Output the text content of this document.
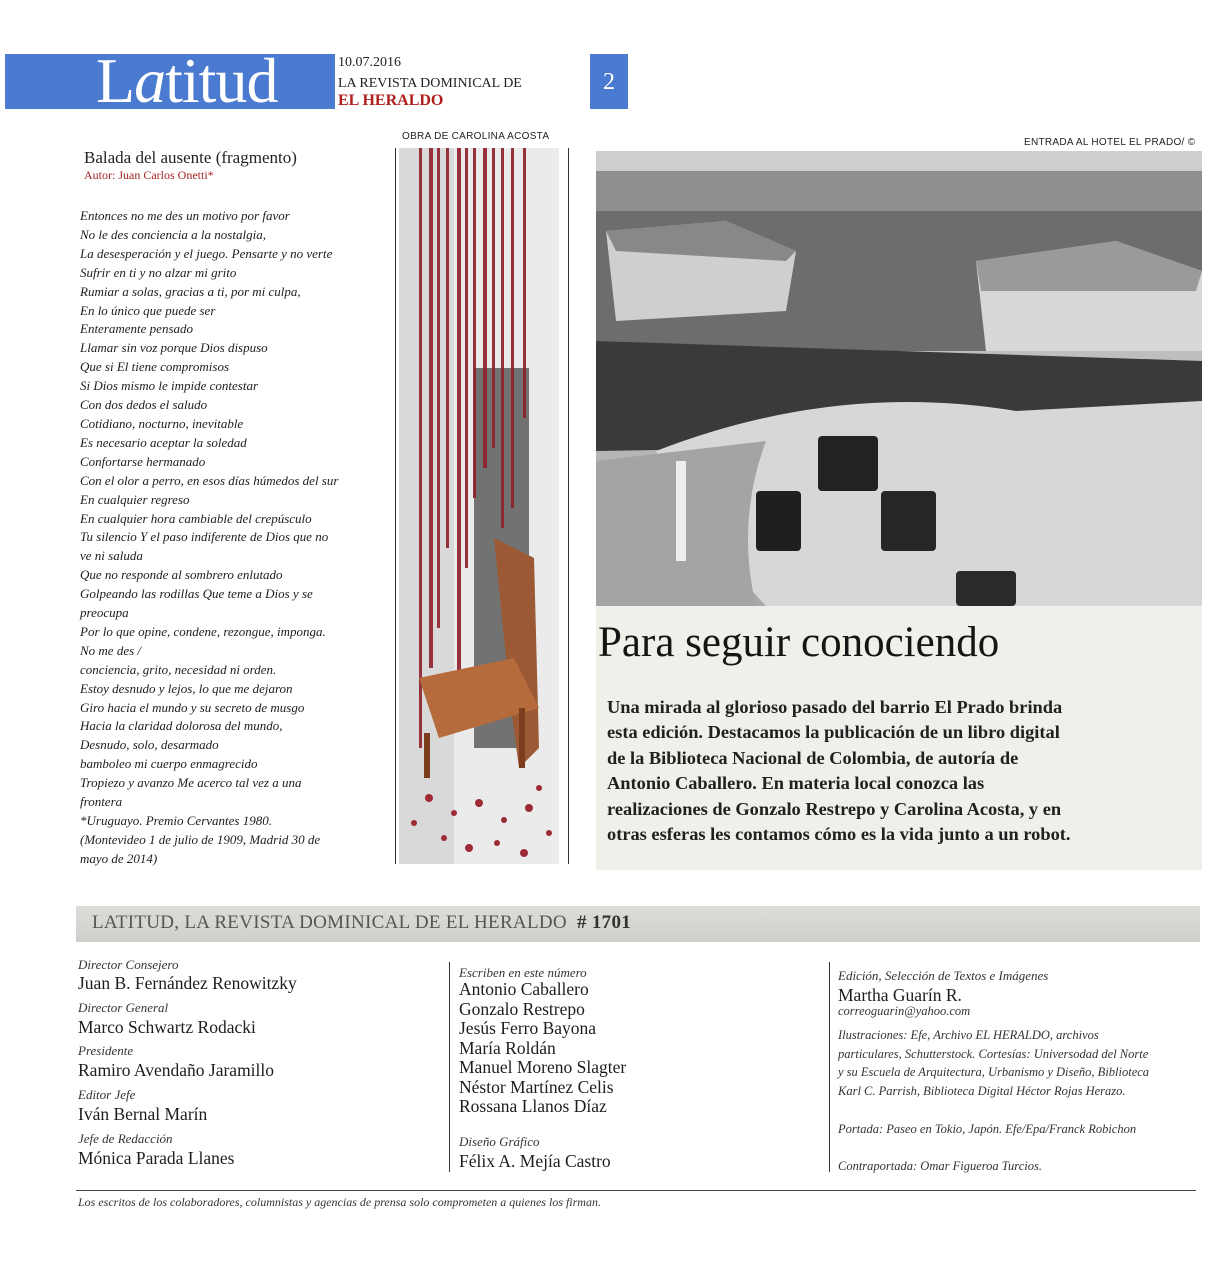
Latitud	10.07.2016
LA REVISTA DOMINICAL DE
EL HERALDO
2
OBRA DE CAROLINA ACOSTA
ENTRADA AL HOTEL EL PRADO/ ©
Balada del ausente (fragmento)
Autor: Juan Carlos Onetti*
Entonces no me des un motivo por favor
No le des conciencia a la nostalgia,
La desesperación y el juego. Pensarte y no verte
Sufrir en ti y no alzar mi grito
Rumiar a solas, gracias a ti, por mi culpa,
En lo único que puede ser
Enteramente pensado
Llamar sin voz porque Dios dispuso
Que si El tiene compromisos
Si Dios mismo le impide contestar
Con dos dedos el saludo
Cotidiano, nocturno, inevitable
Es necesario aceptar la soledad
Confortarse hermanado
Con el olor a perro, en esos días húmedos del sur
En cualquier regreso
En cualquier hora cambiable del crepúsculo
Tu silencio Y el paso indiferente de Dios que no
ve ni saluda
Que no responde al sombrero enlutado
Golpeando las rodillas Que teme a Dios y se
preocupa
Por lo que opine, condene, rezongue, imponga.
No me des /
conciencia, grito, necesidad ni orden.
Estoy desnudo y lejos, lo que me dejaron
Giro hacia el mundo y su secreto de musgo
Hacia la claridad dolorosa del mundo,
Desnudo, solo, desarmado
bamboleo mi cuerpo enmagrecido
Tropiezo y avanzo Me acerco tal vez a una
frontera
*Uruguayo. Premio Cervantes 1980.
(Montevideo 1 de julio de 1909, Madrid 30 de
mayo de 2014)
Para seguir conociendo
Una mirada al glorioso pasado del barrio El Prado brinda
esta edición. Destacamos la publicación de un libro digital
de la Biblioteca Nacional de Colombia, de autoría de
Antonio Caballero. En materia local conozca las
realizaciones de Gonzalo Restrepo y Carolina Acosta, y en
otras esferas les contamos cómo es la vida junto a un robot.
LATITUD, LA REVISTA DOMINICAL DE EL HERALDO # 1701
Director Consejero
Juan B. Fernández Renowitzky
Director General
Marco Schwartz Rodacki
Presidente
Ramiro Avendaño Jaramillo
Editor Jefe
Iván Bernal Marín
Jefe de Redacción
Mónica Parada Llanes
Escriben en este número
Antonio Caballero
Gonzalo Restrepo
Jesús Ferro Bayona
María Roldán
Manuel Moreno Slagter
Néstor Martínez Celis
Rossana Llanos Díaz
Diseño Gráfico
Félix A. Mejía Castro
Edición, Selección de Textos e Imágenes
Martha Guarín R.
correoguarin@yahoo.com
Ilustraciones: Efe, Archivo EL HERALDO, archivos
particulares, Schutterstock. Cortesías: Universodad del Norte
y su Escuela de Arquitectura, Urbanismo y Diseño, Biblioteca
Karl C. Parrish, Biblioteca Digital Héctor Rojas Herazo.
Portada: Paseo en Tokio, Japón. Efe/Epa/Franck Robichon
Contraportada: Omar Figueroa Turcios.
Los escritos de los colaboradores, columnistas y agencias de prensa solo comprometen a quienes los firman.
